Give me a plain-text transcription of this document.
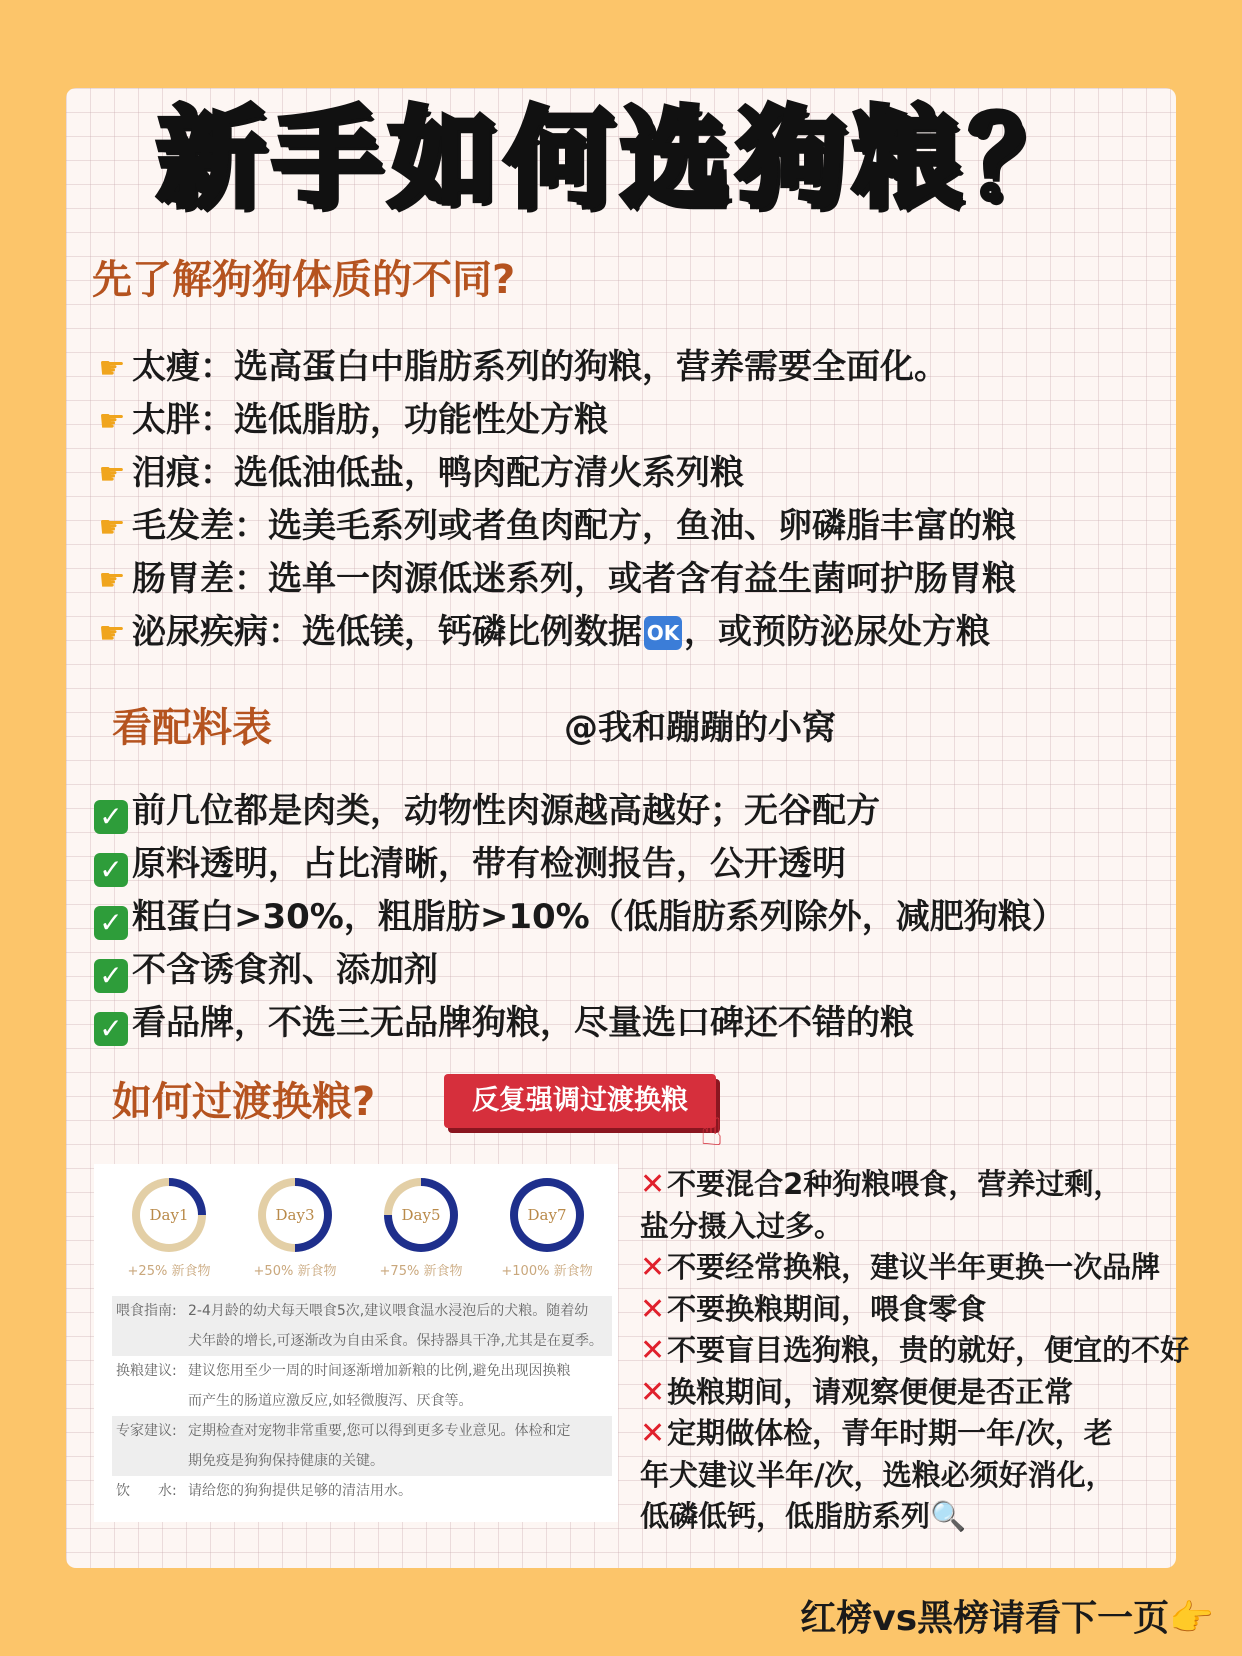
新手如何选狗粮？
先了解狗狗体质的不同?
☛ 太瘦：选高蛋白中脂肪系列的狗粮，营养需要全面化。
☛ 太胖：选低脂肪，功能性处方粮
☛ 泪痕：选低油低盐，鸭肉配方清火系列粮
☛ 毛发差：选美毛系列或者鱼肉配方，鱼油、卵磷脂丰富的粮
☛ 肠胃差：选单一肉源低迷系列，或者含有益生菌呵护肠胃粮
☛ 泌尿疾病：选低镁，钙磷比例数据 OK ，或预防泌尿处方粮
看配料表	@我和蹦蹦的小窝
✓ 前几位都是肉类，动物性肉源越高越好；无谷配方
✓ 原料透明，占比清晰，带有检测报告，公开透明
✓ 粗蛋白>30%，粗脂肪>10%（低脂肪系列除外，减肥狗粮）
✓ 不含诱食剂、添加剂
✓ 看品牌，不选三无品牌狗粮，尽量选口碑还不错的粮
如何过渡换粮?	反复强调过渡换粮
☝
Day1
+25% 新食物
Day3
+50% 新食物
Day5
+75% 新食物
Day7
+100% 新食物
喂食指南: 2-4月龄的幼犬每天喂食5次,建议喂食温水浸泡后的犬粮。随着幼
犬年龄的增长,可逐渐改为自由采食。保持器具干净,尤其是在夏季。
换粮建议: 建议您用至少一周的时间逐渐增加新粮的比例,避免出现因换粮
而产生的肠道应激反应,如轻微腹泻、厌食等。
专家建议: 定期检查对宠物非常重要,您可以得到更多专业意见。体检和定
期免疫是狗狗保持健康的关键。
饮　　水: 请给您的狗狗提供足够的清洁用水。
✕不要混合2种狗粮喂食，营养过剩，
盐分摄入过多。
✕不要经常换粮，建议半年更换一次品牌
✕不要换粮期间，喂食零食
✕不要盲目选狗粮，贵的就好，便宜的不好
✕换粮期间，请观察便便是否正常
✕定期做体检，青年时期一年/次，老
年犬建议半年/次，选粮必须好消化，
低磷低钙，低脂肪系列🔍
红榜vs黑榜请看下一页👉
